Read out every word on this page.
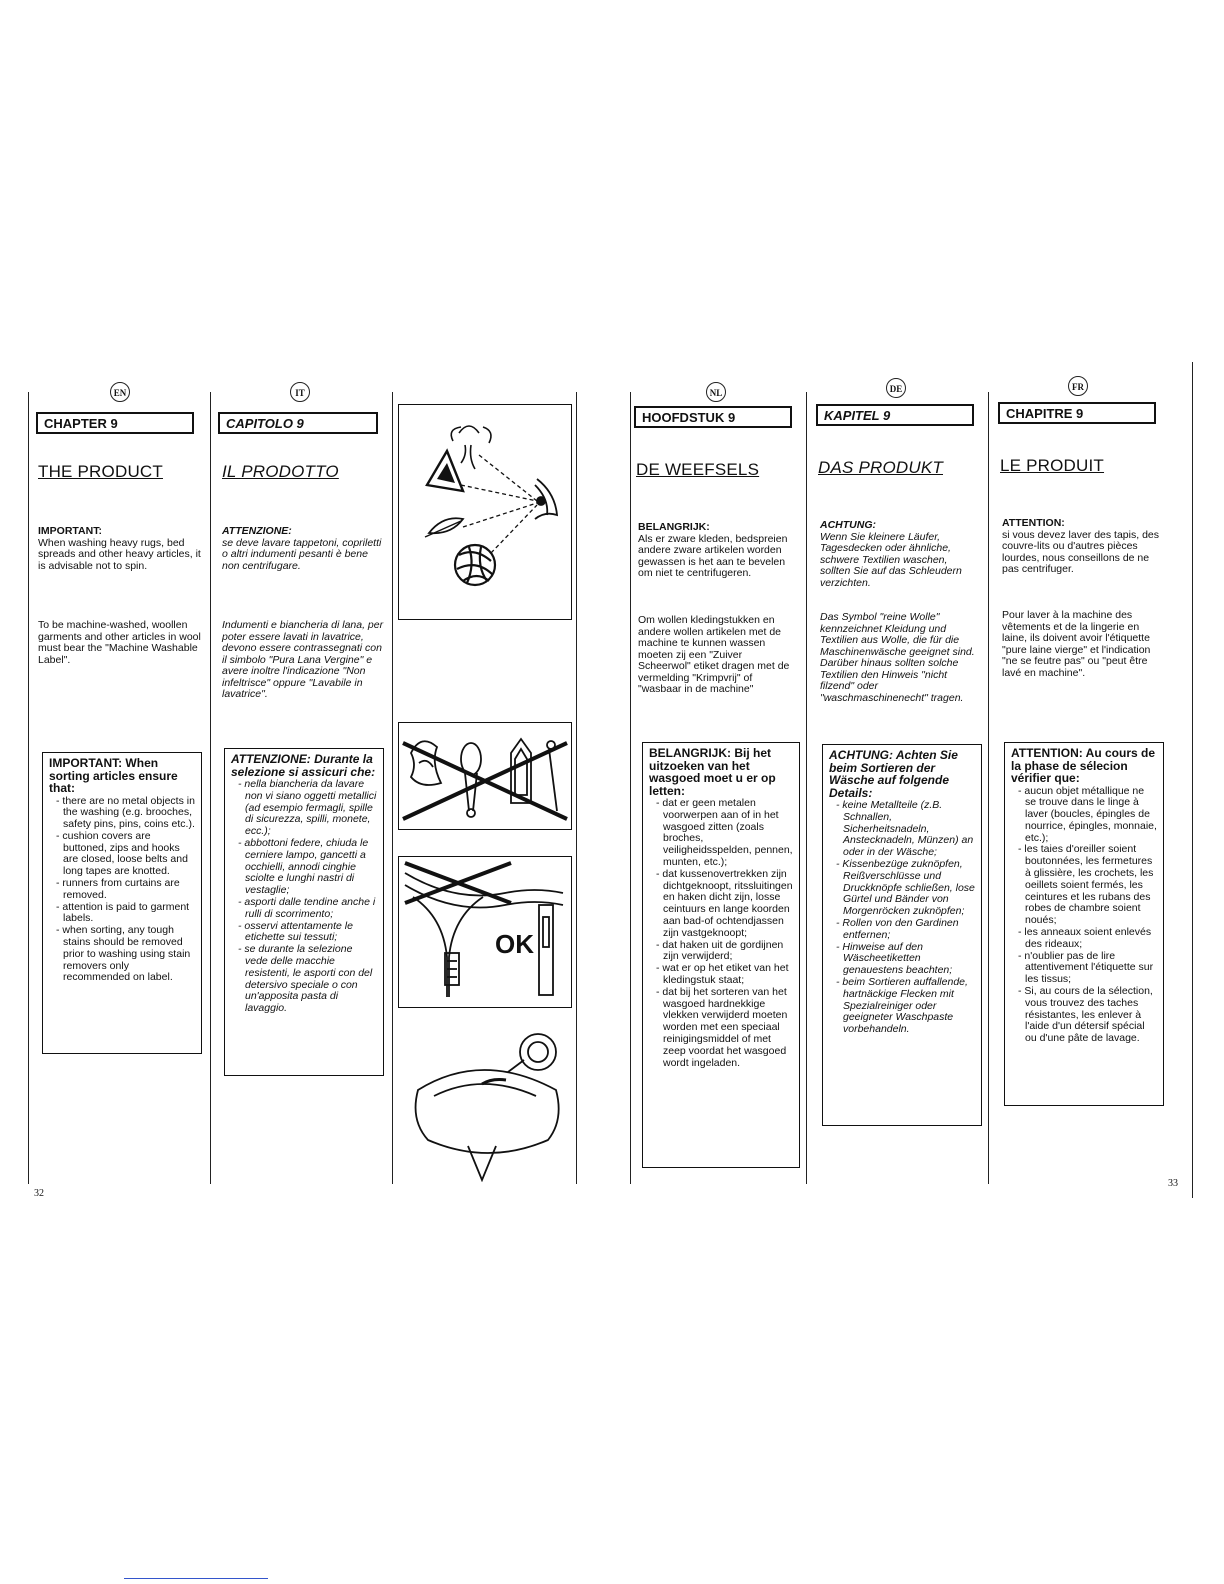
EN
CHAPTER 9
THE PRODUCT
IMPORTANT:
When washing heavy rugs, bed spreads and other heavy articles, it is advisable not to spin.
To be machine-washed, woollen garments and other articles in wool must bear the "Machine Washable Label".
IMPORTANT: When sorting articles ensure that:
- there are no metal objects in the washing (e.g. brooches, safety pins, pins, coins etc.).
- cushion covers are buttoned, zips and hooks are closed, loose belts and long tapes are knotted.
- runners from curtains are removed.
- attention is paid to garment labels.
- when sorting, any tough stains should be removed prior to washing using stain removers only recommended on label.
IT
CAPITOLO 9
IL PRODOTTO
ATTENZIONE:
se deve lavare tappetoni, copriletti o altri indumenti pesanti è bene non centrifugare.
Indumenti e biancheria di lana, per poter essere lavati in lavatrice, devono essere contrassegnati con il simbolo "Pura Lana Vergine" e avere inoltre l'indicazione "Non infeltrisce" oppure "Lavabile in lavatrice".
ATTENZIONE: Durante la selezione si assicuri che:
- nella biancheria da lavare non vi siano oggetti metallici (ad esempio fermagli, spille di sicurezza, spilli, monete, ecc.);
- abbottoni federe, chiuda le cerniere lampo, gancetti a occhielli, annodi cinghie sciolte e lunghi nastri di vestaglie;
- asporti dalle tendine anche i rulli di scorrimento;
- osservi attentamente le etichette sui tessuti;
- se durante la selezione vede delle macchie resistenti, le asporti con del detersivo speciale o con un'apposita pasta di lavaggio.
OK
NL
HOOFDSTUK 9
DE WEEFSELS
BELANGRIJK:
Als er zware kleden, bedspreien andere zware artikelen worden gewassen is het aan te bevelen om niet te centrifugeren.
Om wollen kledingstukken en andere wollen artikelen met de machine te kunnen wassen moeten zij een "Zuiver Scheerwol" etiket dragen met de vermelding "Krimpvrij" of "wasbaar in de machine"
BELANGRIJK: Bij het uitzoeken van het wasgoed moet u er op letten:
- dat er geen metalen voorwerpen aan of in het wasgoed zitten (zoals broches, veiligheidsspelden, pennen, munten, etc.);
- dat kussenovertrekken zijn dichtgeknoopt, ritssluitingen en haken dicht zijn, losse ceintuurs en lange koorden aan bad-of ochtendjassen zijn vastgeknoopt;
- dat haken uit de gordijnen zijn verwijderd;
- wat er op het etiket van het kledingstuk staat;
- dat bij het sorteren van het wasgoed hardnekkige vlekken verwijderd moeten worden met een speciaal reinigingsmiddel of met zeep voordat het wasgoed wordt ingeladen.
DE
KAPITEL 9
DAS PRODUKT
ACHTUNG:
Wenn Sie kleinere Läufer, Tagesdecken oder ähnliche, schwere Textilien waschen, sollten Sie auf das Schleudern verzichten.
Das Symbol "reine Wolle" kennzeichnet Kleidung und Textilien aus Wolle, die für die Maschinenwäsche geeignet sind. Darüber hinaus sollten solche Textilien den Hinweis "nicht filzend" oder "waschmaschinenecht" tragen.
ACHTUNG: Achten Sie beim Sortieren der Wäsche auf folgende Details:
- keine Metallteile (z.B. Schnallen, Sicherheitsnadeln, Anstecknadeln, Münzen) an oder in der Wäsche;
- Kissenbezüge zuknöpfen, Reißverschlüsse und Druckknöpfe schließen, lose Gürtel und Bänder von Morgenröcken zuknöpfen;
- Rollen von den Gardinen entfernen;
- Hinweise auf den Wäscheetiketten genauestens beachten;
- beim Sortieren auffallende, hartnäckige Flecken mit Spezialreiniger oder geeigneter Waschpaste vorbehandeln.
FR
CHAPITRE 9
LE PRODUIT
ATTENTION:
si vous devez laver des tapis, des couvre-lits ou d'autres pièces lourdes, nous conseillons de ne pas centrifuger.
Pour laver à la machine des vêtements et de la lingerie en laine, ils doivent avoir l'étiquette "pure laine vierge" et l'indication "ne se feutre pas" ou "peut être lavé en machine".
ATTENTION: Au cours de la phase de sélecion vérifier que:
- aucun objet métallique ne se trouve dans le linge à laver (boucles, épingles de nourrice, épingles, monnaie, etc.);
- les taies d'oreiller soient boutonnées, les fermetures à glissière, les crochets, les oeillets soient fermés, les ceintures et les rubans des robes de chambre soient noués;
- les anneaux soient enlevés des rideaux;
- n'oublier pas de lire attentivement l'étiquette sur les tissus;
- Si, au cours de la sélection, vous trouvez des taches résistantes, les enlever à l'aide d'un détersif spécial ou d'une pâte de lavage.
32
33
